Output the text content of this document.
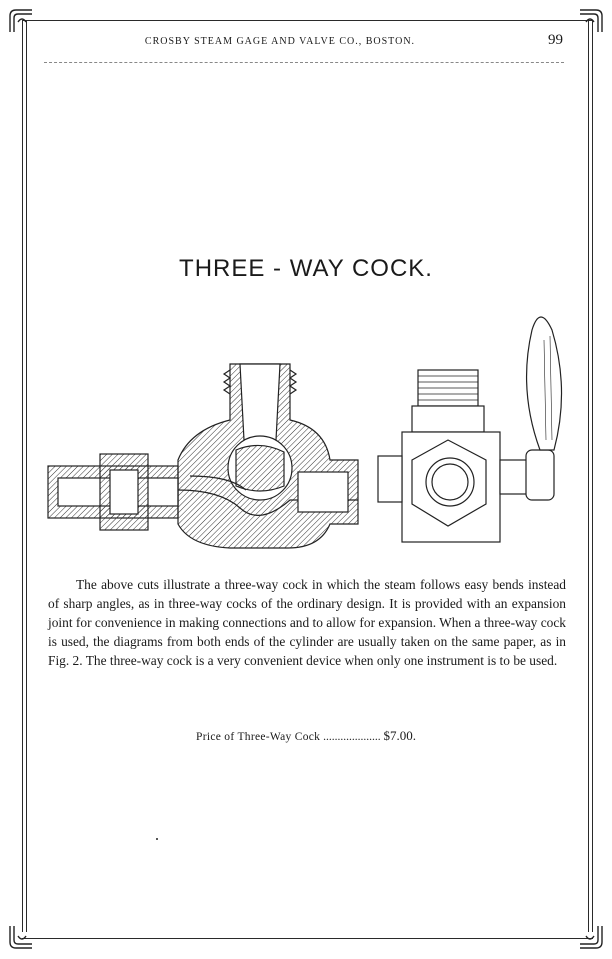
CROSBY STEAM GAGE AND VALVE CO., BOSTON.	99
THREE - WAY COCK.
The above cuts illustrate a three-way cock in which the steam follows easy bends instead of sharp angles, as in three-way cocks of the ordinary design. It is provided with an expansion joint for convenience in making connections and to allow for expansion. When a three-way cock is used, the diagrams from both ends of the cylinder are usually taken on the same paper, as in Fig. 2. The three-way cock is a very convenient device when only one instrument is to be used.
Price of Three-Way Cock .................... $7.00.
